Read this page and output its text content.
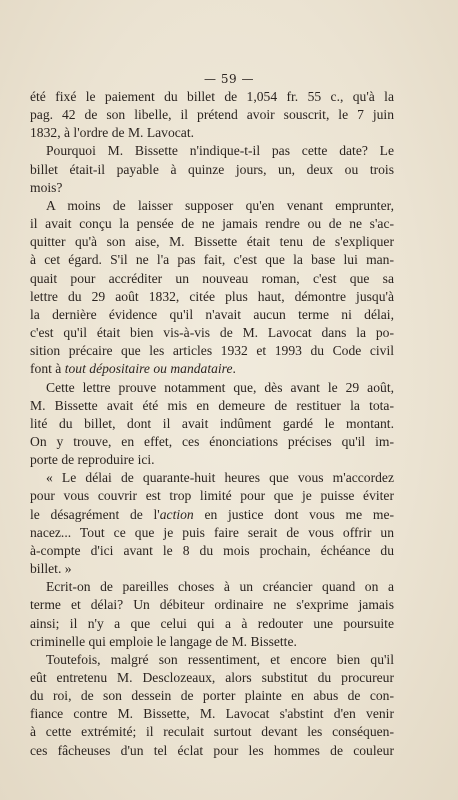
— 59 —

été fixé le paiement du billet de 1,054 fr. 55 c., qu'à la
pag. 42 de son libelle, il prétend avoir souscrit, le 7 juin
1832, à l'ordre de M. Lavocat.

Pourquoi M. Bissette n'indique-t-il pas cette date? Le
billet était-il payable à quinze jours, un, deux ou trois
mois?

A moins de laisser supposer qu'en venant emprunter,
il avait conçu la pensée de ne jamais rendre ou de ne s'ac-
quitter qu'à son aise, M. Bissette était tenu de s'expliquer
à cet égard. S'il ne l'a pas fait, c'est que la base lui man-
quait pour accréditer un nouveau roman, c'est que sa
lettre du 29 août 1832, citée plus haut, démontre jusqu'à
la dernière évidence qu'il n'avait aucun terme ni délai,
c'est qu'il était bien vis-à-vis de M. Lavocat dans la po-
sition précaire que les articles 1932 et 1993 du Code civil
font à tout dépositaire ou mandataire.

Cette lettre prouve notamment que, dès avant le 29 août,
M. Bissette avait été mis en demeure de restituer la tota-
lité du billet, dont il avait indûment gardé le montant.
On y trouve, en effet, ces énonciations précises qu'il im-
porte de reproduire ici.

« Le délai de quarante-huit heures que vous m'accordez
pour vous couvrir est trop limité pour que je puisse éviter
le désagrément de l'action en justice dont vous me me-
nacez... Tout ce que je puis faire serait de vous offrir un
à-compte d'ici avant le 8 du mois prochain, échéance du
billet. »

Ecrit-on de pareilles choses à un créancier quand on a
terme et délai? Un débiteur ordinaire ne s'exprime jamais
ainsi; il n'y a que celui qui a à redouter une poursuite
criminelle qui emploie le langage de M. Bissette.

Toutefois, malgré son ressentiment, et encore bien qu'il
eût entretenu M. Desclozeaux, alors substitut du procureur
du roi, de son dessein de porter plainte en abus de con-
fiance contre M. Bissette, M. Lavocat s'abstint d'en venir
à cette extrémité; il reculait surtout devant les conséquen-
ces fâcheuses d'un tel éclat pour les hommes de couleur
